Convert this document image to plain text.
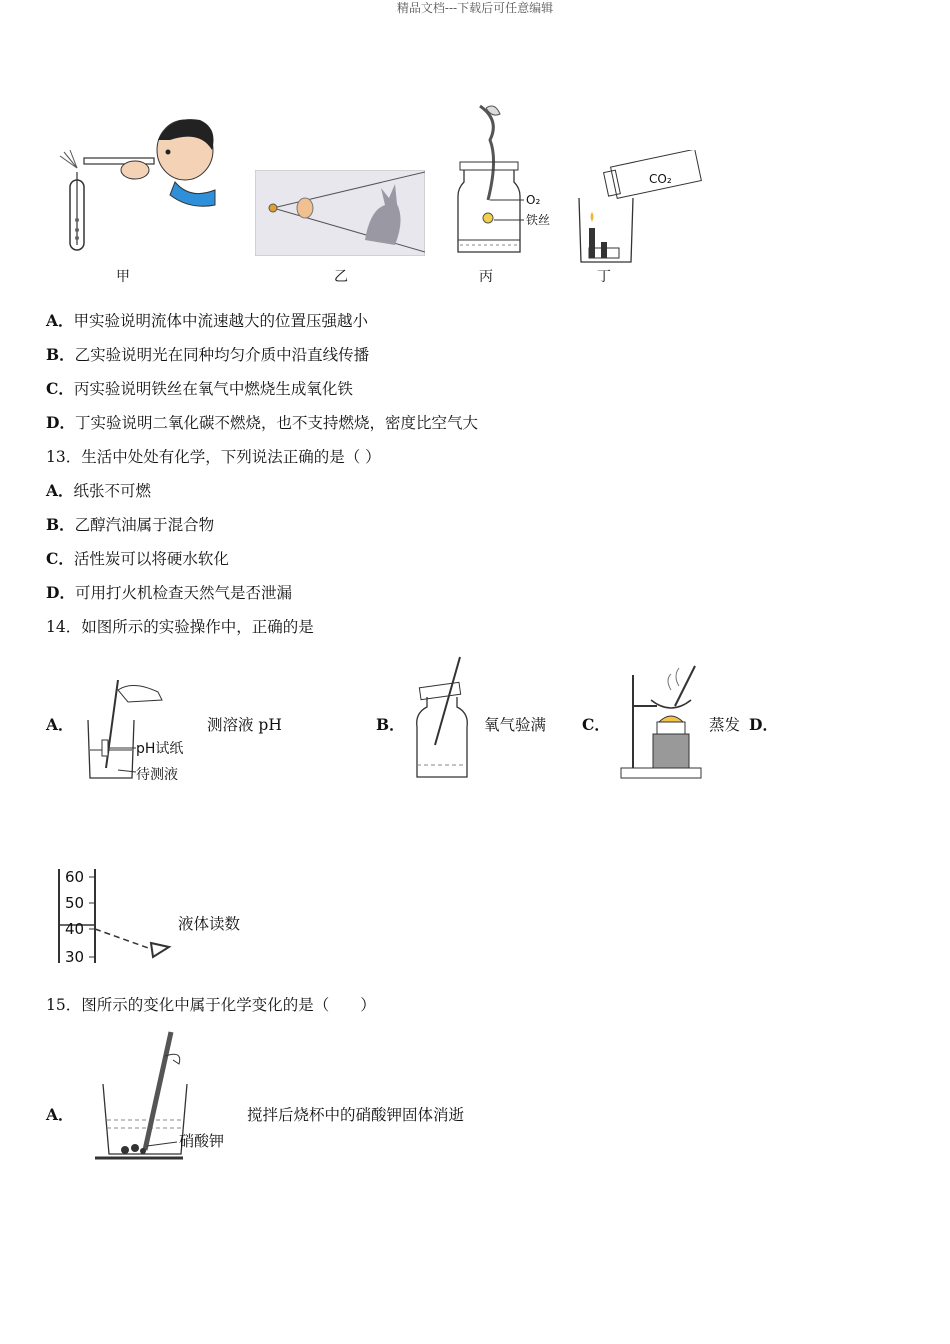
精品文档---下载后可任意编辑
甲	乙
O₂
铁丝
丙
CO₂
丁
A．甲实验说明流体中流速越大的位置压强越小
B．乙实验说明光在同种均匀介质中沿直线传播
C．丙实验说明铁丝在氧气中燃烧生成氧化铁
D．丁实验说明二氧化碳不燃烧，也不支持燃烧，密度比空气大
13．生活中处处有化学，下列说法正确的是（ ）
A．纸张不可燃
B．乙醇汽油属于混合物
C．活性炭可以将硬水软化
D．可用打火机检查天然气是否泄漏
14．如图所示的实验操作中，正确的是
A．
pH试纸
待测液
测溶液 pH	B．	氧气验满 C．	蒸发 D．
60
50
40
30
液体读数
15．图所示的变化中属于化学变化的是（　　）
A．
硝酸钾
搅拌后烧杯中的硝酸钾固体消逝
